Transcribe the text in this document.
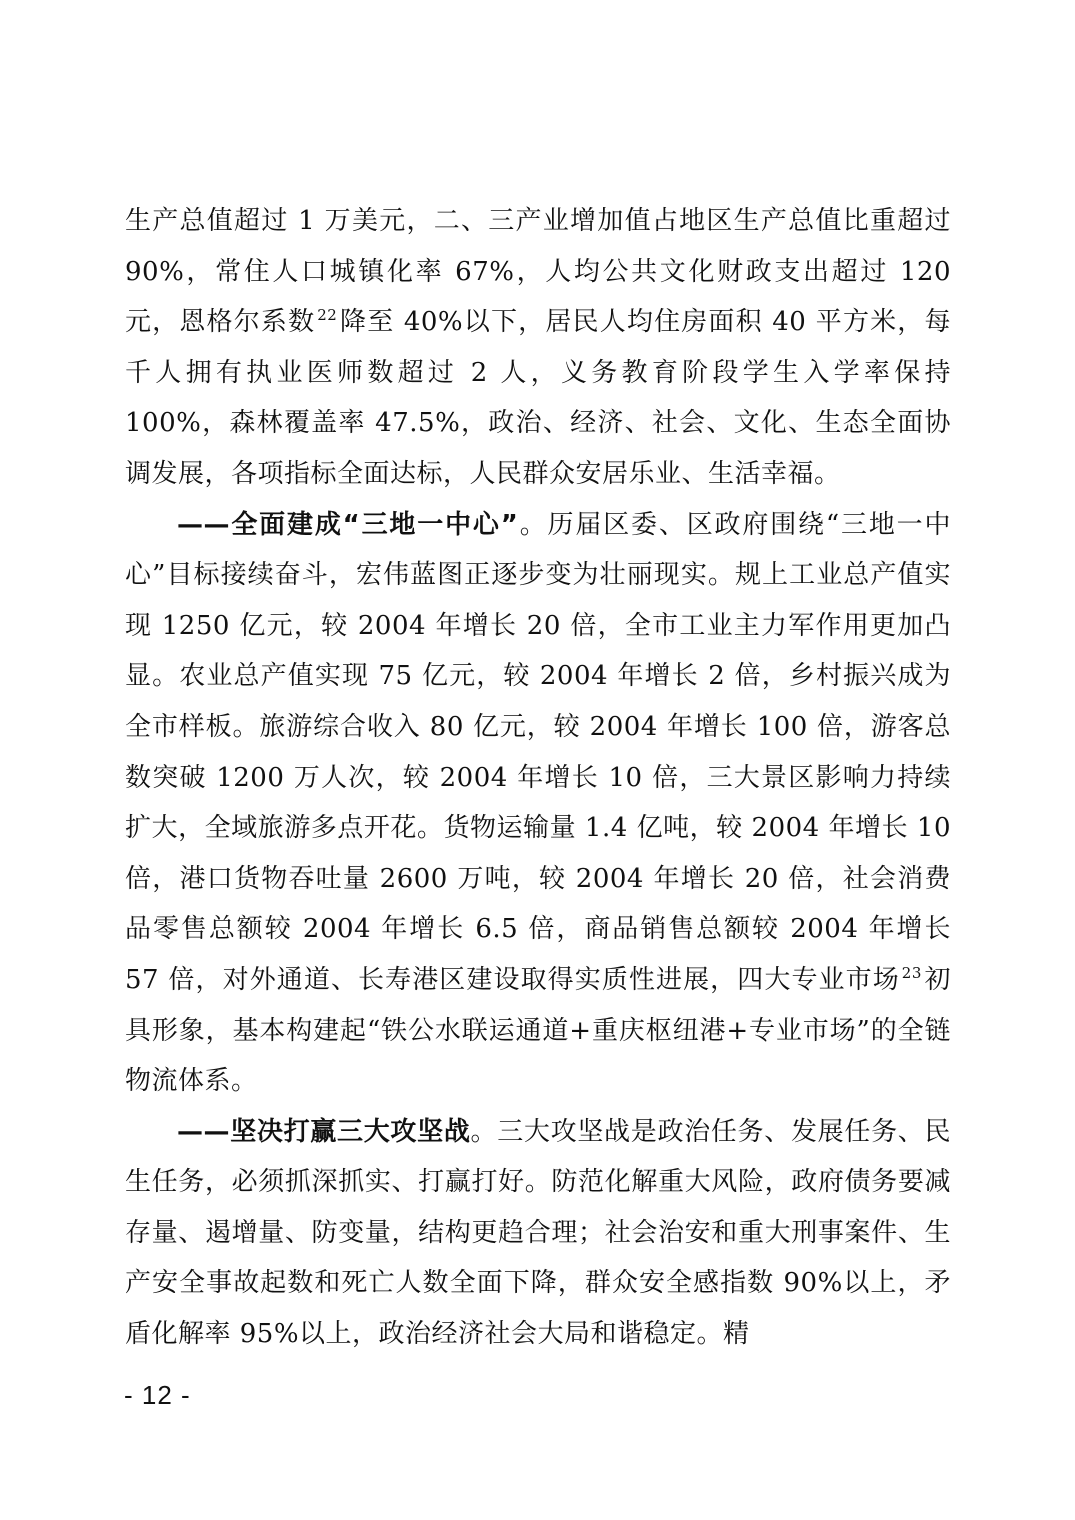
生产总值超过 1 万美元，二、三产业增加值占地区生产总值比重超过 90%，常住人口城镇化率 67%，人均公共文化财政支出超过 120 元，恩格尔系数 $^{22}$降至 40%以下，居民人均住房面积 40 平方米，每千人拥有执业医师数超过 2 人，义务教育阶段学生入学率保持 100%，森林覆盖率 47.5%，政治、经济、社会、文化、生态全面协调发展，各项指标全面达标，人民群众安居乐业、生活幸福。

——全面建成“三地一中心”。历届区委、区政府围绕“三地一中心”目标接续奋斗，宏伟蓝图正逐步变为壮丽现实。规上工业总产值实现 1250 亿元，较 2004 年增长 20 倍，全市工业主力军作用更加凸显。农业总产值实现 75 亿元，较 2004 年增长 2 倍，乡村振兴成为全市样板。旅游综合收入 80 亿元，较 2004 年增长 100 倍，游客总数突破 1200 万人次，较 2004 年增长 10 倍，三大景区影响力持续扩大，全域旅游多点开花。货物运输量 1.4 亿吨，较 2004 年增长 10 倍，港口货物吞吐量 2600 万吨，较 2004 年增长 20 倍，社会消费品零售总额较 2004 年增长 6.5 倍，商品销售总额较 2004 年增长 57 倍，对外通道、长寿港区建设取得实质性进展，四大专业市场 $^{23}$初具形象，基本构建起“铁公水联运通道+重庆枢纽港+专业市场”的全链物流体系。

——坚决打赢三大攻坚战。三大攻坚战是政治任务、发展任务、民生任务，必须抓深抓实、打赢打好。防范化解重大风险，政府债务要减存量、遏增量、防变量，结构更趋合理；社会治安和重大刑事案件、生产安全事故起数和死亡人数全面下降，群众安全感指数 90%以上，矛盾化解率 95%以上，政治经济社会大局和谐稳定。精

- 12 -
